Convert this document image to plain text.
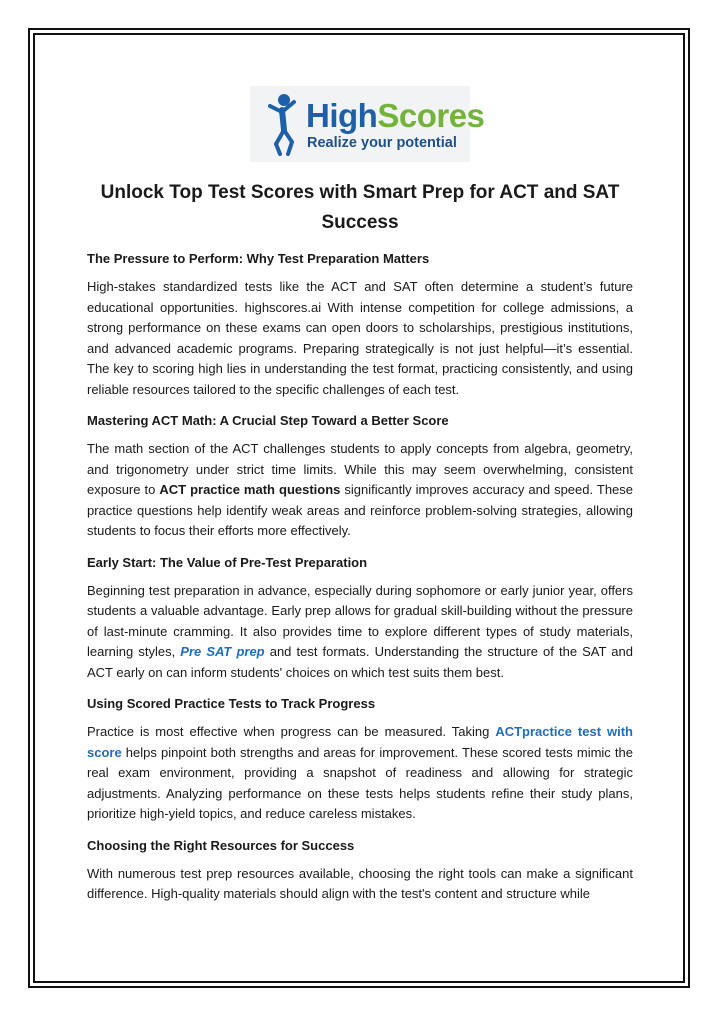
HighScores
Realize your potential
Unlock Top Test Scores with Smart Prep for ACT and SAT Success
The Pressure to Perform: Why Test Preparation Matters

High-stakes standardized tests like the ACT and SAT often determine a student’s future educational opportunities. highscores.ai With intense competition for college admissions, a strong performance on these exams can open doors to scholarships, prestigious institutions, and advanced academic programs. Preparing strategically is not just helpful—it’s essential. The key to scoring high lies in understanding the test format, practicing consistently, and using reliable resources tailored to the specific challenges of each test.

Mastering ACT Math: A Crucial Step Toward a Better Score

The math section of the ACT challenges students to apply concepts from algebra, geometry, and trigonometry under strict time limits. While this may seem overwhelming, consistent exposure to ACT practice math questions significantly improves accuracy and speed. These practice questions help identify weak areas and reinforce problem-solving strategies, allowing students to focus their efforts more effectively.

Early Start: The Value of Pre-Test Preparation

Beginning test preparation in advance, especially during sophomore or early junior year, offers students a valuable advantage. Early prep allows for gradual skill-building without the pressure of last-minute cramming. It also provides time to explore different types of study materials, learning styles, Pre SAT prep and test formats. Understanding the structure of the SAT and ACT early on can inform students' choices on which test suits them best.

Using Scored Practice Tests to Track Progress

Practice is most effective when progress can be measured. Taking ACTpractice test with score helps pinpoint both strengths and areas for improvement. These scored tests mimic the real exam environment, providing a snapshot of readiness and allowing for strategic adjustments. Analyzing performance on these tests helps students refine their study plans, prioritize high-yield topics, and reduce careless mistakes.

Choosing the Right Resources for Success

With numerous test prep resources available, choosing the right tools can make a significant difference. High-quality materials should align with the test's content and structure while
